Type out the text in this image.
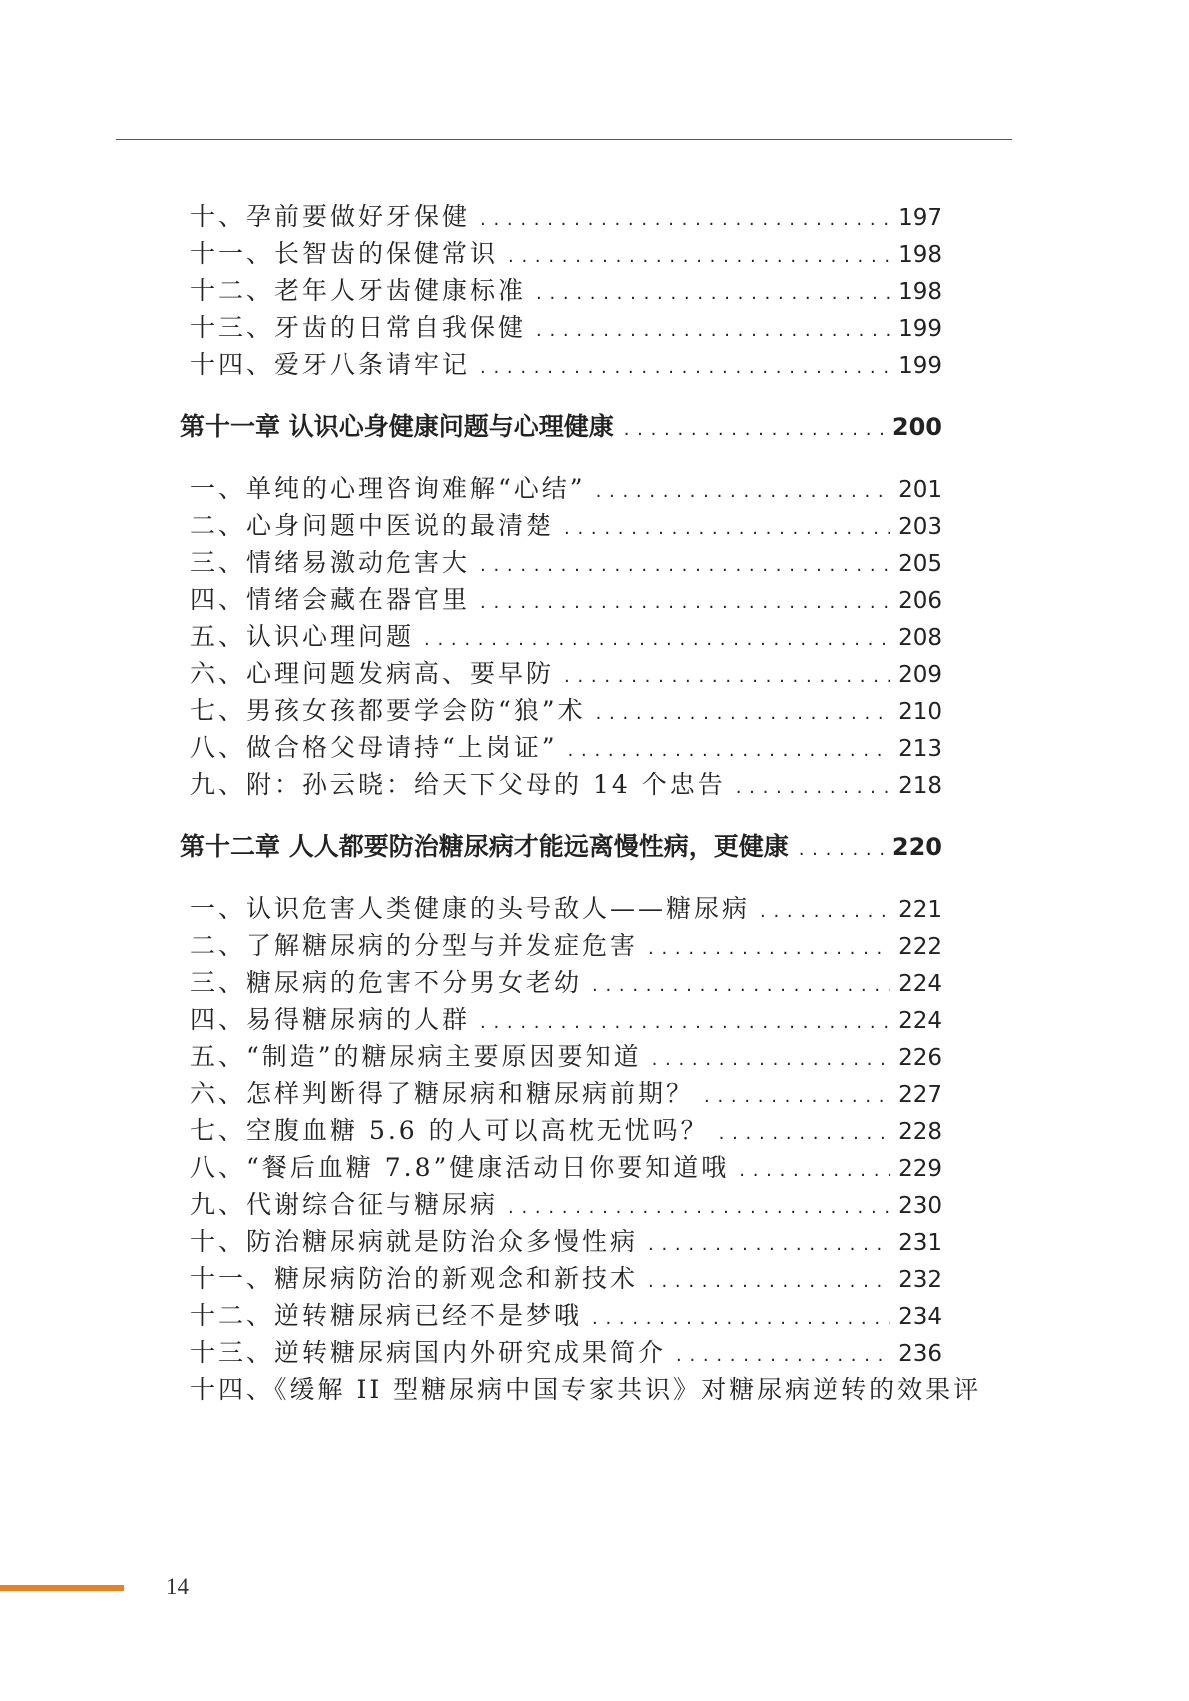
十、孕前要做好牙保健 . . .	197
十一、长智齿的保健常识 . . .	198
十二、老年人牙齿健康标准 . . .	198
十三、牙齿的日常自我保健 . . .	199
十四、爱牙八条请牢记 . . .	199
第十一章 认识心身健康问题与心理健康 . . .	200
一、单纯的心理咨询难解“心结” . . .	201
二、心身问题中医说的最清楚 . . .	203
三、情绪易激动危害大 . . .	205
四、情绪会藏在器官里 . . .	206
五、认识心理问题 . . .	208
六、心理问题发病高、要早防 . . .	209
七、男孩女孩都要学会防“狼”术 . . .	210
八、做合格父母请持“上岗证” . . .	213
九、附：孙云晓：给天下父母的 14 个忠告 . . .	218
第十二章 人人都要防治糖尿病才能远离慢性病，更健康 . . .	220
一、认识危害人类健康的头号敌人——糖尿病 . . .	221
二、了解糖尿病的分型与并发症危害 . . .	222
三、糖尿病的危害不分男女老幼 . . .	224
四、易得糖尿病的人群 . . .	224
五、“制造”的糖尿病主要原因要知道 . . .	226
六、怎样判断得了糖尿病和糖尿病前期？ . . .	227
七、空腹血糖 5.6 的人可以高枕无忧吗？ . . .	228
八、“餐后血糖 7.8”健康活动日你要知道哦 . . .	229
九、代谢综合征与糖尿病 . . .	230
十、防治糖尿病就是防治众多慢性病 . . .	231
十一、糖尿病防治的新观念和新技术 . . .	232
十二、逆转糖尿病已经不是梦哦 . . .	234
十三、逆转糖尿病国内外研究成果简介 . . .	236
十四、《缓解 II 型糖尿病中国专家共识》对糖尿病逆转的效果评
14
